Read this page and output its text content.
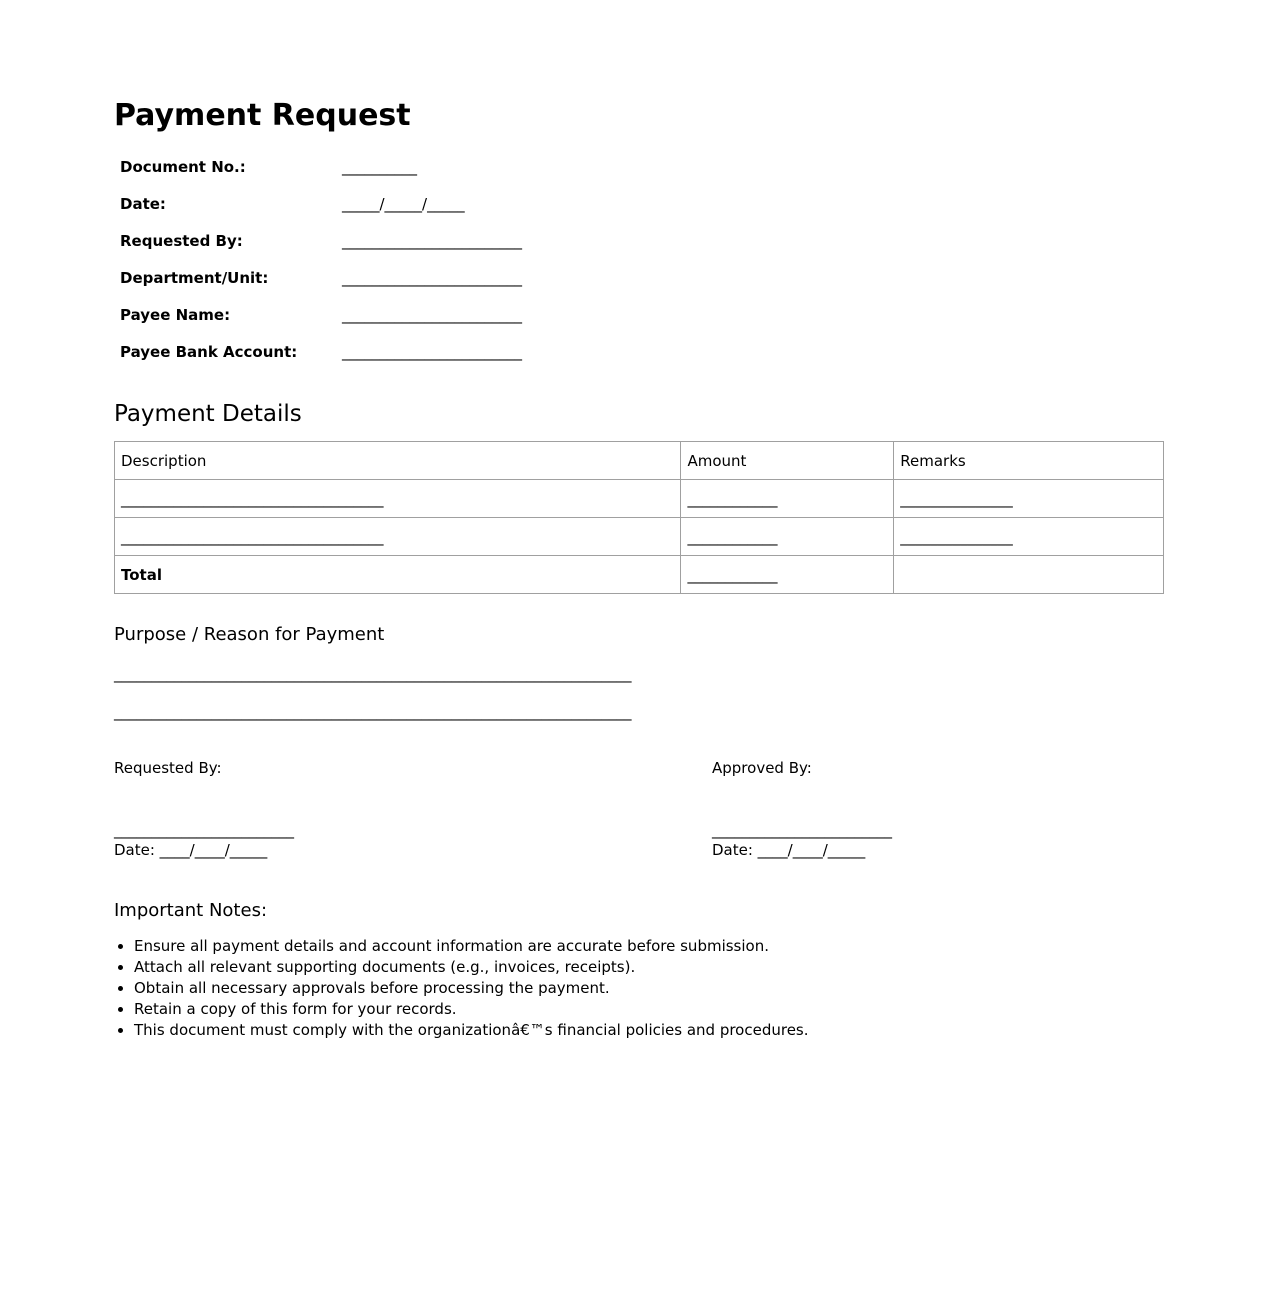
Payment Request
Document No.:	__________
Date:	_____/_____/_____
Requested By:	________________________
Department/Unit:	________________________
Payee Name:	________________________
Payee Bank Account:	________________________
Payment Details
Description	Amount	Remarks
___________________________________	____________	_______________
___________________________________	____________	_______________
Total	____________	
Purpose / Reason for Payment
_____________________________________________________________________
_____________________________________________________________________
Requested By:
________________________
Date: ____/____/_____
Approved By:
________________________
Date: ____/____/_____
Important Notes:
• Ensure all payment details and account information are accurate before submission.
• Attach all relevant supporting documents (e.g., invoices, receipts).
• Obtain all necessary approvals before processing the payment.
• Retain a copy of this form for your records.
• This document must comply with the organizationâ€™s financial policies and procedures.
